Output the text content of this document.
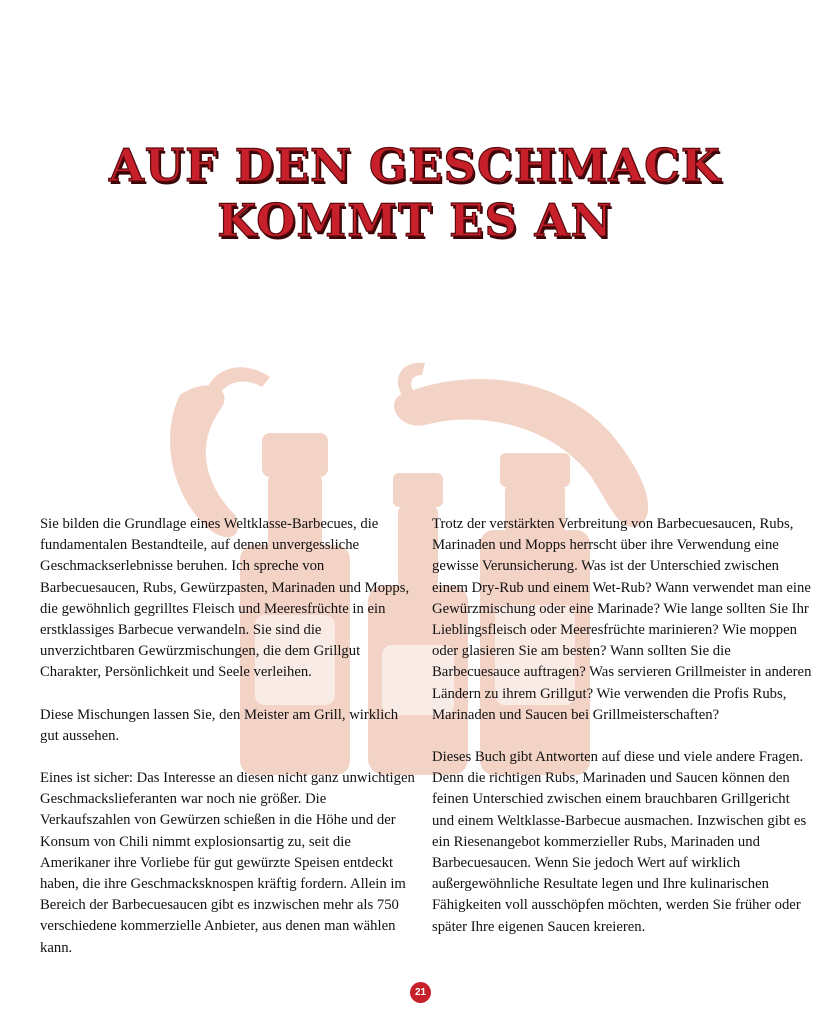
AUF DEN GESCHMACK
KOMMT ES AN

Sie bilden die Grundlage eines Weltklasse-Barbecues, die fundamentalen Bestandteile, auf denen unvergessliche Geschmackserlebnisse beruhen. Ich spreche von Barbecuesaucen, Rubs, Gewürzpasten, Marinaden und Mopps, die gewöhnlich gegrilltes Fleisch und Meeresfrüchte in ein erstklassiges Barbecue verwandeln. Sie sind die unverzichtbaren Gewürzmischungen, die dem Grillgut Charakter, Persönlichkeit und Seele verleihen.

Diese Mischungen lassen Sie, den Meister am Grill, wirklich gut aussehen.

Eines ist sicher: Das Interesse an diesen nicht ganz unwichtigen Geschmackslieferanten war noch nie größer. Die Verkaufszahlen von Gewürzen schießen in die Höhe und der Konsum von Chili nimmt explosionsartig zu, seit die Amerikaner ihre Vorliebe für gut gewürzte Speisen entdeckt haben, die ihre Geschmacksknospen kräftig fordern. Allein im Bereich der Barbecuesaucen gibt es inzwischen mehr als 750 verschiedene kommerzielle Anbieter, aus denen man wählen kann.

Trotz der verstärkten Verbreitung von Barbecuesaucen, Rubs, Marinaden und Mopps herrscht über ihre Verwendung eine gewisse Verunsicherung. Was ist der Unterschied zwischen einem Dry-Rub und einem Wet-Rub? Wann verwendet man eine Gewürzmischung oder eine Marinade? Wie lange sollten Sie Ihr Lieblingsfleisch oder Meeresfrüchte marinieren? Wie moppen oder glasieren Sie am besten? Wann sollten Sie die Barbecuesauce auftragen? Was servieren Grillmeister in anderen Ländern zu ihrem Grillgut? Wie verwenden die Profis Rubs, Marinaden und Saucen bei Grillmeisterschaften?

Dieses Buch gibt Antworten auf diese und viele andere Fragen. Denn die richtigen Rubs, Marinaden und Saucen können den feinen Unterschied zwischen einem brauchbaren Grillgericht und einem Weltklasse-Barbecue ausmachen. Inzwischen gibt es ein Riesenangebot kommerzieller Rubs, Marinaden und Barbecuesaucen. Wenn Sie jedoch Wert auf wirklich außergewöhnliche Resultate legen und Ihre kulinarischen Fähigkeiten voll ausschöpfen möchten, werden Sie früher oder später Ihre eigenen Saucen kreieren.

21
